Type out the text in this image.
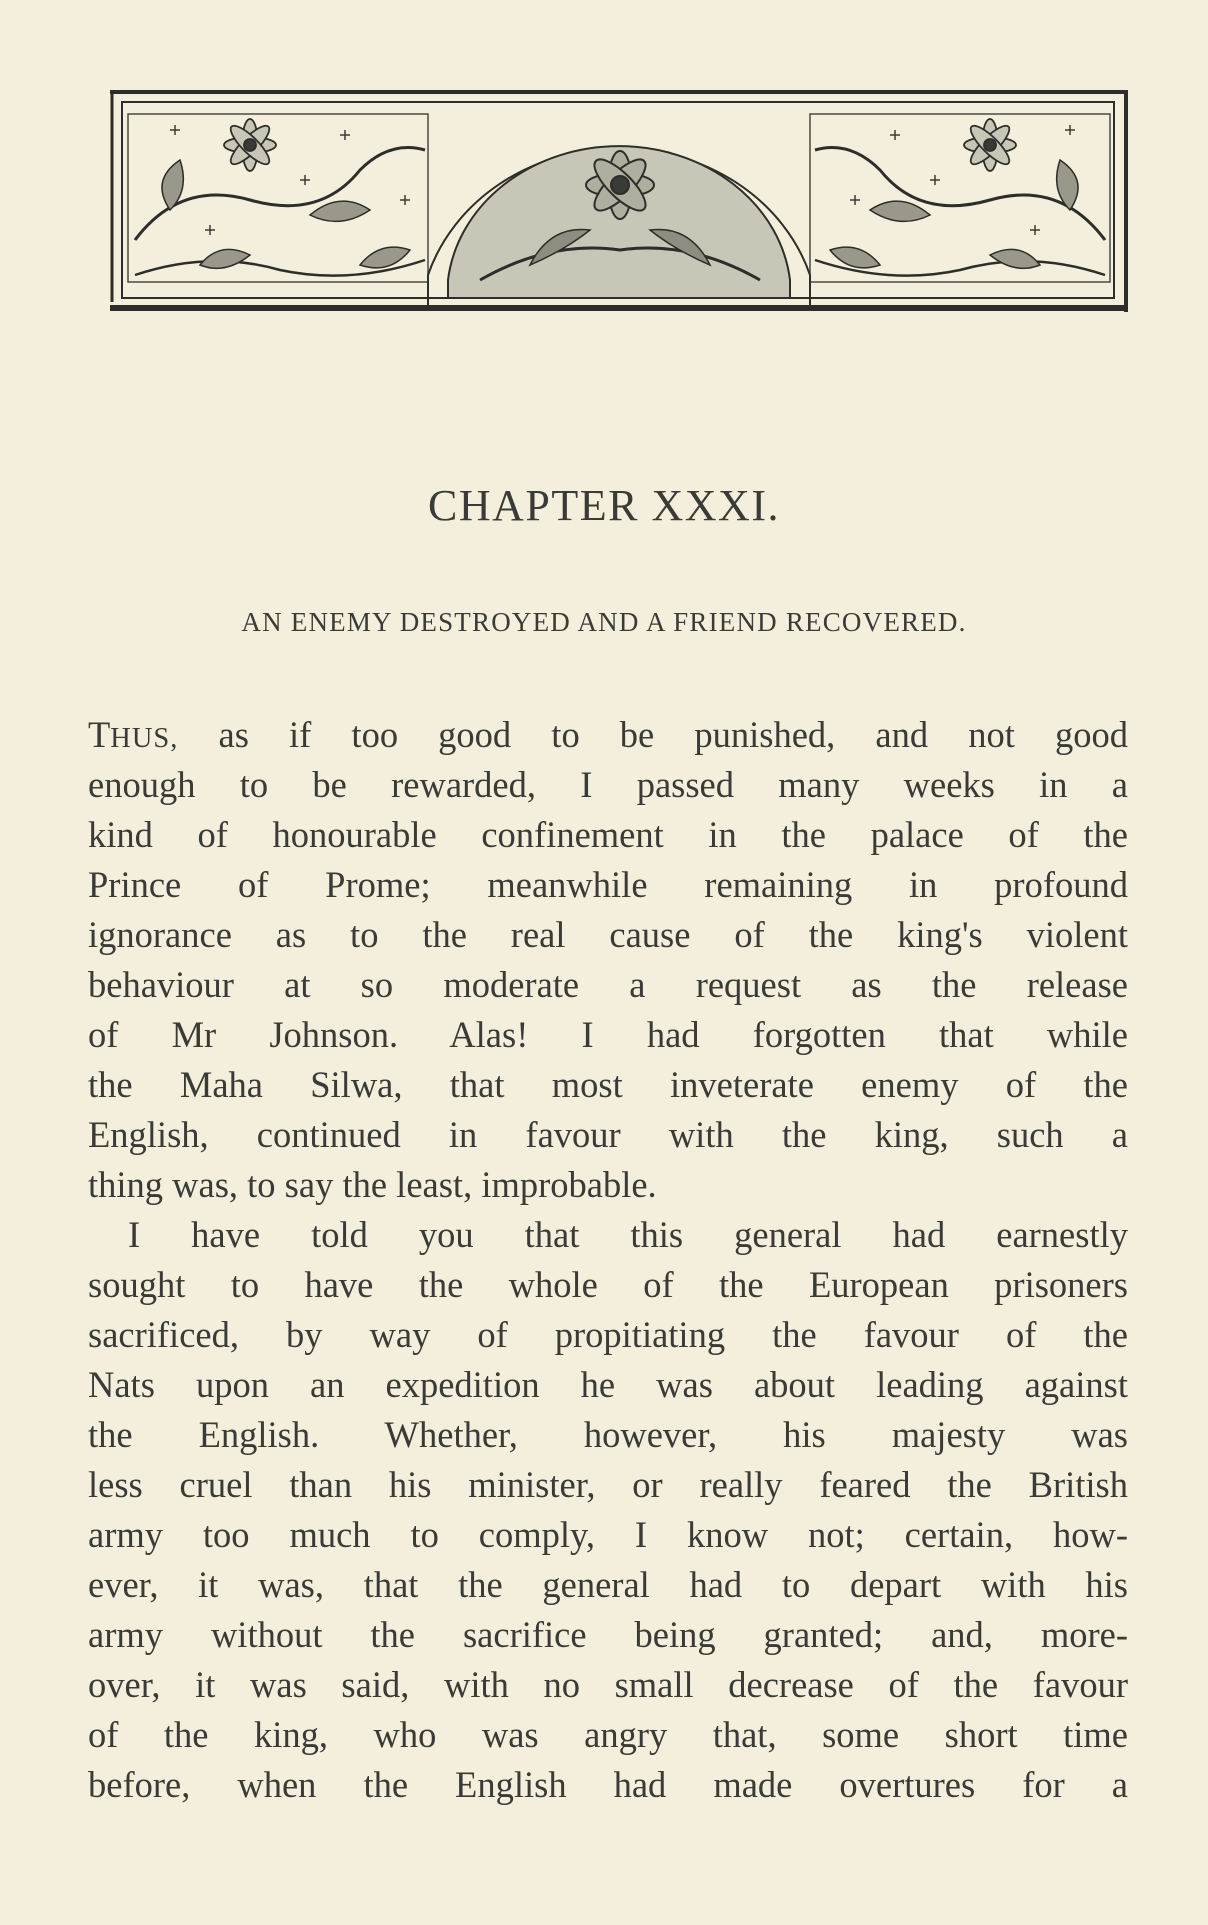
CHAPTER XXXI.
AN ENEMY DESTROYED AND A FRIEND RECOVERED.
THUS, as if too good to be punished, and not good
enough to be rewarded, I passed many weeks in a
kind of honourable confinement in the palace of the
Prince of Prome; meanwhile remaining in profound
ignorance as to the real cause of the king's violent
behaviour at so moderate a request as the release
of Mr Johnson. Alas! I had forgotten that while
the Maha Silwa, that most inveterate enemy of the
English, continued in favour with the king, such a
thing was, to say the least, improbable.
I have told you that this general had earnestly
sought to have the whole of the European prisoners
sacrificed, by way of propitiating the favour of the
Nats upon an expedition he was about leading against
the English. Whether, however, his majesty was
less cruel than his minister, or really feared the British
army too much to comply, I know not; certain, how-
ever, it was, that the general had to depart with his
army without the sacrifice being granted; and, more-
over, it was said, with no small decrease of the favour
of the king, who was angry that, some short time
before, when the English had made overtures for a
